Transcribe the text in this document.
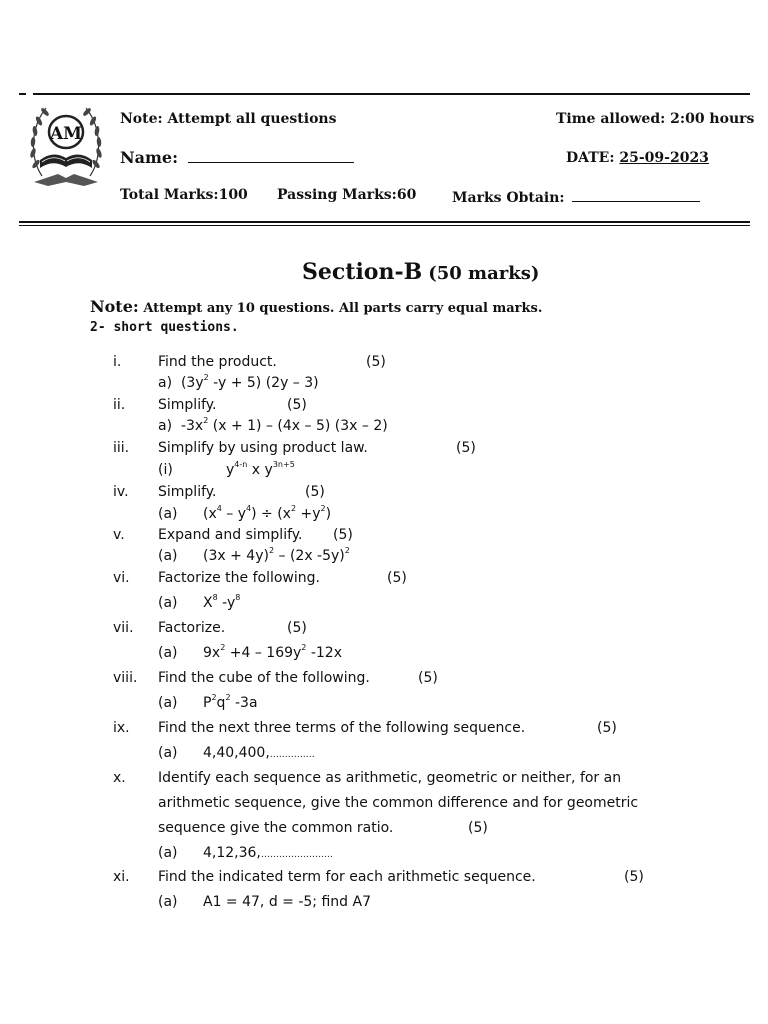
AM
Note: Attempt all questions	Time allowed: 2:00 hours
Name:	DATE: 25-09-2023
Total Marks:100 Passing Marks:60	Marks Obtain:
Section-B (50 marks)
Note: Attempt any 10 questions. All parts carry equal marks.
2- short questions.
i.	Find the product.	(5)
a) ($3y^2$ -y + 5) (2y – 3)
ii. Simplify.	(5)
a) $-3x^2$ (x + 1) – (4x – 5) (3x – 2)
iii. Simplify by using product law.	(5)
(i)	$y^{4-n}$ x $y^{3n+5}$
iv. Simplify.	(5)
(a) $(x^4 - y^4) \div (x^2 +y^2)$
v. Expand and simplify. (5)
(a) $(3x + 4y)^2 - (2x$ -5y)$^2$
vi. Factorize the following.	(5)
(a) $X^8$ $-y^8$
vii. Factorize.	(5)
(a) $9x^2 +4 - 169y^2$ -12x
viii. Find the cube of the following.	(5)
(a) $P^2q^2$ -3a
ix. Find the next three terms of the following sequence.	(5)
(a) 4,40,400,……………
x. Identify each sequence as arithmetic, geometric or neither, for an
arithmetic sequence, give the common difference and for geometric
sequence give the common ratio.	(5)
(a) 4,12,36,……………………
xi. Find the indicated term for each arithmetic sequence.	(5)
(a) A1 = 47, d = -5; find A7
